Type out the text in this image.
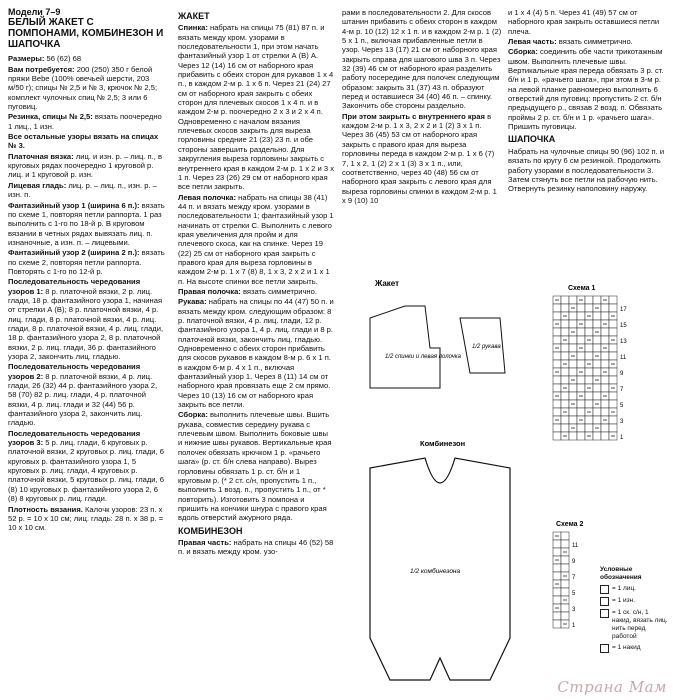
Модели 7–9
БЕЛЫЙ ЖАКЕТ С ПОМПОНАМИ, КОМБИНЕЗОН И ШАПОЧКА

Размеры: 56 (62) 68

Вам потребуется: 200 (250) 350 г белой пряжи Bebe (100% овечьей шерсти, 203 м/50 г); спицы № 2,5 и № 3, крючок № 2,5; комплект чулочных спиц № 2,5; 3 или 6 пуговиц.

Резинка, спицы № 2,5: вязать поочередно 1 лиц., 1 изн.

Все остальные узоры вязать на спицах № 3.

Платочная вязка: лиц. и изн. р. – лиц. п., в круговых рядах поочередно 1 круговой р. лиц. и 1 круговой р. изн.

Лицевая гладь: лиц. р. – лиц. п., изн. р. – изн. п.

Фантазийный узор 1 (ширина 6 п.): вязать по схеме 1, повторяя петли раппорта. 1 раз выполнить с 1-го по 18-й р. В круговом вязании в четных рядах вывязать лиц. п. изнаночные, а изн. п. – лицевыми.

Фантазийный узор 2 (ширина 2 п.): вязать по схеме 2, повторяя петли раппорта. Повторять с 1-го по 12-й р.

Последовательность чередования узоров 1: 8 р. платочной вязки, 2 р. лиц. глади, 18 р. фантазийного узора 1, начиная от стрелки А (В); 8 р. платочной вязки, 4 р. лиц. глади, 8 р. платочной вязки, 4 р. лиц. глади, 8 р. платочной вязки, 4 р. лиц. глади, 18 р. фантазийного узора 2, 8 р. платочной вязки, 2 р. лиц. глади, 36 р. фантазийного узора 2, закончить лиц. гладью.

Последовательность чередования узоров 2: 8 р. платочной вязки, 4 р. лиц. глади, 26 (32) 44 р. фантазийного узора 2, 58 (70) 82 р. лиц. глади, 4 р. платочной вязки, 4 р. лиц. глади и 32 (44) 56 р. фантазийного узора 2, закончить лиц. гладью.

Последовательность чередования узоров 3: 5 р. лиц. глади, 6 круговых р. платочной вязки, 2 круговых р. лиц. глади, 6 круговых р. фантазийного узора 1, 5 круговых р. лиц. глади, 4 круговых р. платочной вязки, 5 круговых р. лиц. глади, 6 (8) 10 круговых р. фантазийного узора 2, 6 (8) 8 круговых р. лиц. глади.

Плотность вязания. Калочк узоров: 23 п. x 52 р. = 10 x 10 см; лиц. гладь: 28 п. x 38 р. = 10 x 10 см.

ЖАКЕТ

Спинка: набрать на спицы 75 (81) 87 п. и вязать между кром. узорами в последовательности 1, при этом начать фантазийный узор 1 от стрелки А (В) А. Через 12 (14) 16 см от наборного края прибавить с обеих сторон для рукавов 1 x 4 п., в каждом 2-м р. 1 x 6 п. Через 21 (24) 27 см от наборного края закрыть с обеих сторон для плечевых скосов 1 x 4 п. и в каждом 2-м р. поочередно 2 x 3 и 2 x 4 п. Одновременно с началом вязания плечевых скосов закрыть для выреза горловины средние 21 (23) 23 п. и обе стороны завершить раздельно. Для закругления выреза горловины закрыть с внутреннего края в каждом 2-м р. 1 x 2 и 3 x 1 п. Через 23 (26) 29 см от наборного края все петли закрыть.

Левая полочка: набрать на спицы 38 (41) 44 п. и вязать между кром. узорами в последовательности 1; фантазийный узор 1 начинать от стрелки С. Выполнить с левого края увеличения для пройм и для плечевого скоса, как на спинке. Через 19 (22) 25 см от наборного края закрыть с правого края для выреза горловины в каждом 2-м р. 1 x 7 (8) 8, 1 x 3, 2 x 2 и 1 x 1 п. На высоте спинки все петли закрыть.

Правая полочка: вязать симметрично.

Рукава: набрать на спицы по 44 (47) 50 п. и вязать между кром. следующим образом: 8 р. платочной вязки, 4 р. лиц. глади, 12 р. фантазийного узора 1, 4 р. лиц. глади и 8 р. платочной вязки, закончить лиц. гладью. Одновременно с обеих сторон прибавить для скосов рукавов в каждом 8-м р. 6 x 1 п. в каждом 6-м р. 4 x 1 п., включая фантазийный узор 1. Через 8 (11) 14 см от наборного края провязать еще 2 см прямо. Через 10 (13) 16 см от наборного края закрыть все петли.

Сборка: выполнить плечевые швы. Вшить рукава, совместив середину рукава с плечевым швом. Выполнить боковые швы и нижние швы рукавов. Вертикальные края полочек обвязать крючком 1 р. «рачьего шага» (р. ст. б/н слева направо). Вырез горловины обвязать 1 р. ст. б/н и 1 круговым р. (* 2 ст. с/н, пропустить 1 п., выполнить 1 возд. п., пропустить 1 п., от * повторить). Изготовить 3 помпона и пришить на кончики шнура с правого края вдоль отверстий ажурного ряда.

КОМБИНЕЗОН

Правая часть: набрать на спицы 46 (52) 58 п. и вязать между кром. узо-

рами в последовательности 2. Для скосов штанин прибавить с обеих сторон в каждом 4-м р. 10 (12) 12 x 1 п. и в каждом 2-м р. 1 (2) 5 x 1 п., включая прибавленные петли в узор. Через 13 (17) 21 см от наборного края закрыть справа для шагового шва 3 п. Через 32 (39) 46 см от наборного края разделить работу посередине для полочек следующим образом: закрыть 31 (37) 43 п. образуют перед и оставшиеся 34 (40) 46 п. – спинку. Закончить обе стороны раздельно.

При этом закрыть с внутреннего края в каждом 2-м р. 1 x 3, 2 x 2 и 1 (2) 3 x 1 п. Через 36 (45) 53 см от наборного края закрыть с правого края для выреза горловины переда в каждом 2-м р. 1 x 6 (7) 7, 1 x 2, 1 (2) 2 x 1 (3) 3 x 1 п., или, соответственно, через 40 (48) 56 см от наборного края закрыть с левого края для выреза горловины спинки в каждом 2-м р. 1 x 9 (10) 10

и 1 x 4 (4) 5 п. Через 41 (49) 57 см от наборного края закрыть оставшиеся петли плеча.

Левая часть: вязать симметрично.

Сборка: соединить обе части трикотажным швом. Выполнить плечевые швы. Вертикальные края переда обвязать 3 р. ст. б/н и 1 р. «рачьего шага», при этом в 3-м р. на левой планке равномерно выполнить 6 отверстий для пуговиц: пропустить 2 ст. б/н предыдущего р., связав 2 возд. п. Обвязать проймы 2 р. ст. б/н и 1 р. «рачьего шага». Пришить пуговицы.

ШАПОЧКА

Набрать на чулочные спицы 90 (96) 102 п. и вязать по кругу 6 см резинкой. Продолжить работу узорами в последовательности 3. Затем стянуть все петли на рабочую нить. Отвернуть резинку наполовину наружу.

Жакет
1/2 спинки и левая полочка
1/2 рукава
Комбинезон
1/2 комбинезона
Схема 1
1
3
5
7
9
11
13
15
17
Схема 2
1
3
5
7
9
11
Условные обозначения
= 1 лиц.
= 1 изн.
= 1 ск. с/н, 1 накид, вязать лиц. нить перед работой
= 1 накид
Страна Мам
